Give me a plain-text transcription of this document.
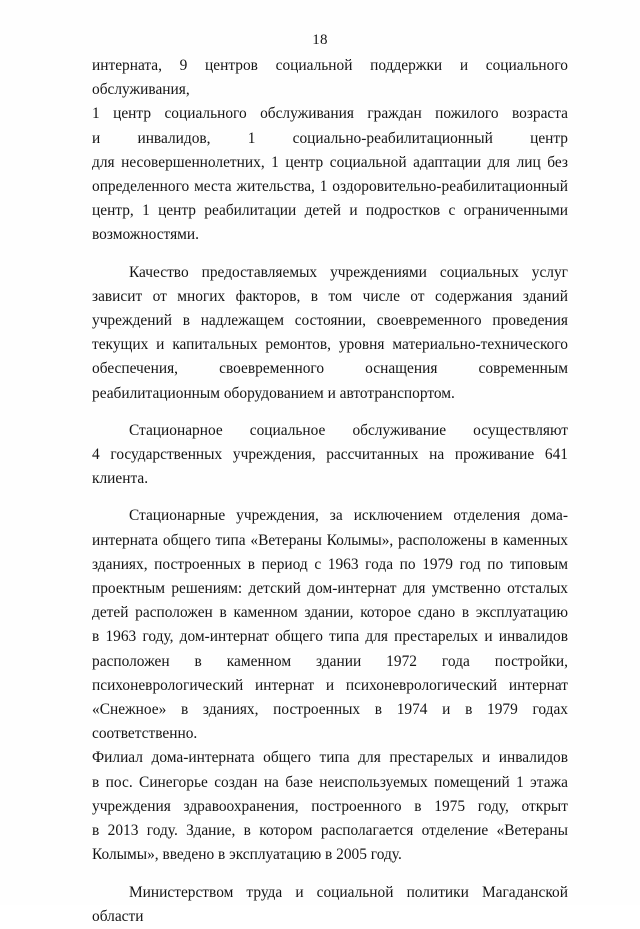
18

интерната, 9 центров социальной поддержки и социального обслуживания,

1 центр социального обслуживания граждан пожилого возраста

и инвалидов, 1 социально-реабилитационный центр

для несовершеннолетних, 1 центр социальной адаптации для лиц без

определенного места жительства, 1 оздоровительно-реабилитационный

центр, 1 центр реабилитации детей и подростков с ограниченными

возможностями.

Качество предоставляемых учреждениями социальных услуг

зависит от многих факторов, в том числе от содержания зданий

учреждений в надлежащем состоянии, своевременного проведения

текущих и капитальных ремонтов, уровня материально-технического

обеспечения, своевременного оснащения современным

реабилитационным оборудованием и автотранспортом.

Стационарное социальное обслуживание осуществляют

4 государственных учреждения, рассчитанных на проживание 641 клиента.

Стационарные учреждения, за исключением отделения дома-

интерната общего типа «Ветераны Колымы», расположены в каменных

зданиях, построенных в период с 1963 года по 1979 год по типовым

проектным решениям: детский дом-интернат для умственно отсталых

детей расположен в каменном здании, которое сдано в эксплуатацию

в 1963 году, дом-интернат общего типа для престарелых и инвалидов

расположен в каменном здании 1972 года постройки,

психоневрологический интернат и психоневрологический интернат

«Снежное» в зданиях, построенных в 1974 и в 1979 годах соответственно.

Филиал дома-интерната общего типа для престарелых и инвалидов

в пос. Синегорье создан на базе неиспользуемых помещений 1 этажа

учреждения здравоохранения, построенного в 1975 году, открыт

в 2013 году. Здание, в котором располагается отделение «Ветераны

Колымы», введено в эксплуатацию в 2005 году.

Министерством труда и социальной политики Магаданской области
